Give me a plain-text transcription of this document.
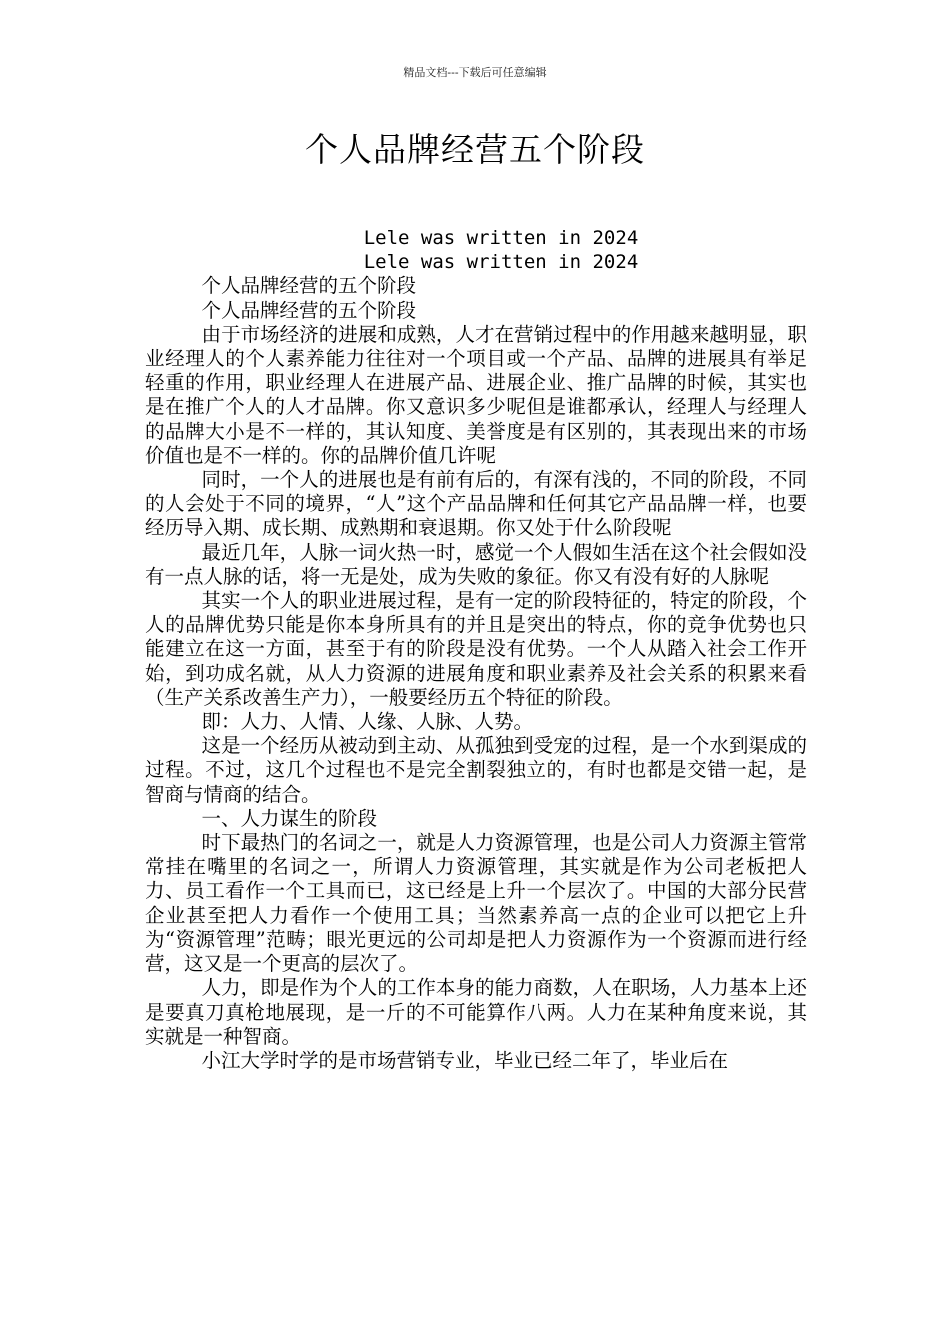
精品文档---下载后可任意编辑
个人品牌经营五个阶段

Lele was written in 2024

Lele was written in 2024

个人品牌经营的五个阶段

个人品牌经营的五个阶段

由于市场经济的进展和成熟，人才在营销过程中的作用越来越明显，职业经理人的个人素养能力往往对一个项目或一个产品、品牌的进展具有举足轻重的作用，职业经理人在进展产品、进展企业、推广品牌的时候，其实也是在推广个人的人才品牌。你又意识多少呢但是谁都承认，经理人与经理人的品牌大小是不一样的，其认知度、美誉度是有区别的，其表现出来的市场价值也是不一样的。你的品牌价值几许呢

同时，一个人的进展也是有前有后的，有深有浅的，不同的阶段，不同的人会处于不同的境界，“人”这个产品品牌和任何其它产品品牌一样，也要经历导入期、成长期、成熟期和衰退期。你又处于什么阶段呢

最近几年，人脉一词火热一时，感觉一个人假如生活在这个社会假如没有一点人脉的话，将一无是处，成为失败的象征。你又有没有好的人脉呢

其实一个人的职业进展过程，是有一定的阶段特征的，特定的阶段，个人的品牌优势只能是你本身所具有的并且是突出的特点，你的竞争优势也只能建立在这一方面，甚至于有的阶段是没有优势。一个人从踏入社会工作开始，到功成名就，从人力资源的进展角度和职业素养及社会关系的积累来看（生产关系改善生产力），一般要经历五个特征的阶段。

即：人力、人情、人缘、人脉、人势。

这是一个经历从被动到主动、从孤独到受宠的过程，是一个水到渠成的过程。不过，这几个过程也不是完全割裂独立的，有时也都是交错一起，是智商与情商的结合。

一、人力谋生的阶段

时下最热门的名词之一，就是人力资源管理，也是公司人力资源主管常常挂在嘴里的名词之一，所谓人力资源管理，其实就是作为公司老板把人力、员工看作一个工具而已，这已经是上升一个层次了。中国的大部分民营企业甚至把人力看作一个使用工具；当然素养高一点的企业可以把它上升为“资源管理”范畴；眼光更远的公司却是把人力资源作为一个资源而进行经营，这又是一个更高的层次了。

人力，即是作为个人的工作本身的能力商数，人在职场，人力基本上还是要真刀真枪地展现，是一斤的不可能算作八两。人力在某种角度来说，其实就是一种智商。

小江大学时学的是市场营销专业，毕业已经二年了，毕业后在
